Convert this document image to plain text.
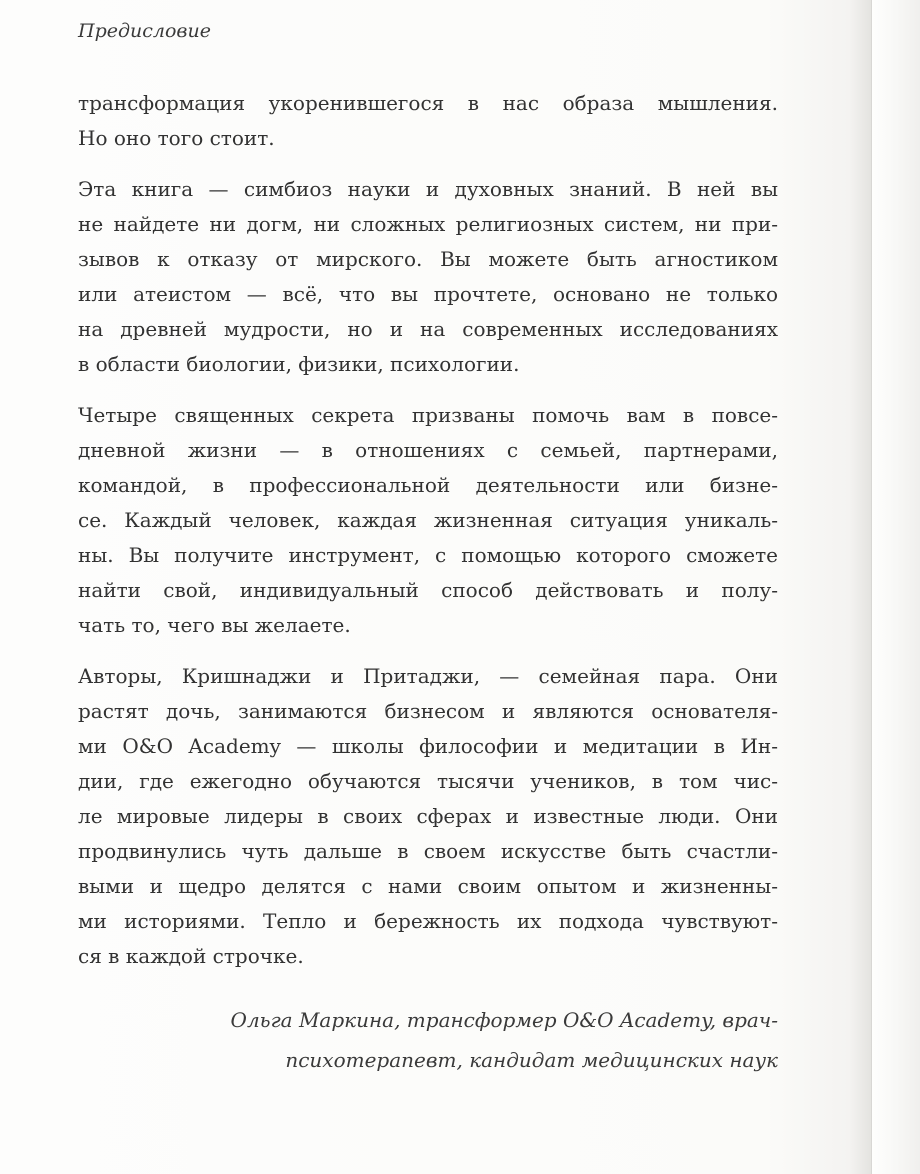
Предисловие
трансформация укоренившегося в нас образа мышления.
Но оно того стоит.
Эта книга — симбиоз науки и духовных знаний. В ней вы
не найдете ни догм, ни сложных религиозных систем, ни при-
зывов к отказу от мирского. Вы можете быть агностиком
или атеистом — всё, что вы прочтете, основано не только
на древней мудрости, но и на современных исследованиях
в области биологии, физики, психологии.
Четыре священных секрета призваны помочь вам в повсе-
дневной жизни — в отношениях с семьей, партнерами,
командой, в профессиональной деятельности или бизне-
се. Каждый человек, каждая жизненная ситуация уникаль-
ны. Вы получите инструмент, с помощью которого сможете
найти свой, индивидуальный способ действовать и полу-
чать то, чего вы желаете.
Авторы, Кришнаджи и Притаджи, — семейная пара. Они
растят дочь, занимаются бизнесом и являются основателя-
ми O&O Academy — школы философии и медитации в Ин-
дии, где ежегодно обучаются тысячи учеников, в том чис-
ле мировые лидеры в своих сферах и известные люди. Они
продвинулись чуть дальше в своем искусстве быть счастли-
выми и щедро делятся с нами своим опытом и жизненны-
ми историями. Тепло и бережность их подхода чувствуют-
ся в каждой строчке.
Ольга Маркина, трансформер O&O Academy, врач-
психотерапевт, кандидат медицинских наук
